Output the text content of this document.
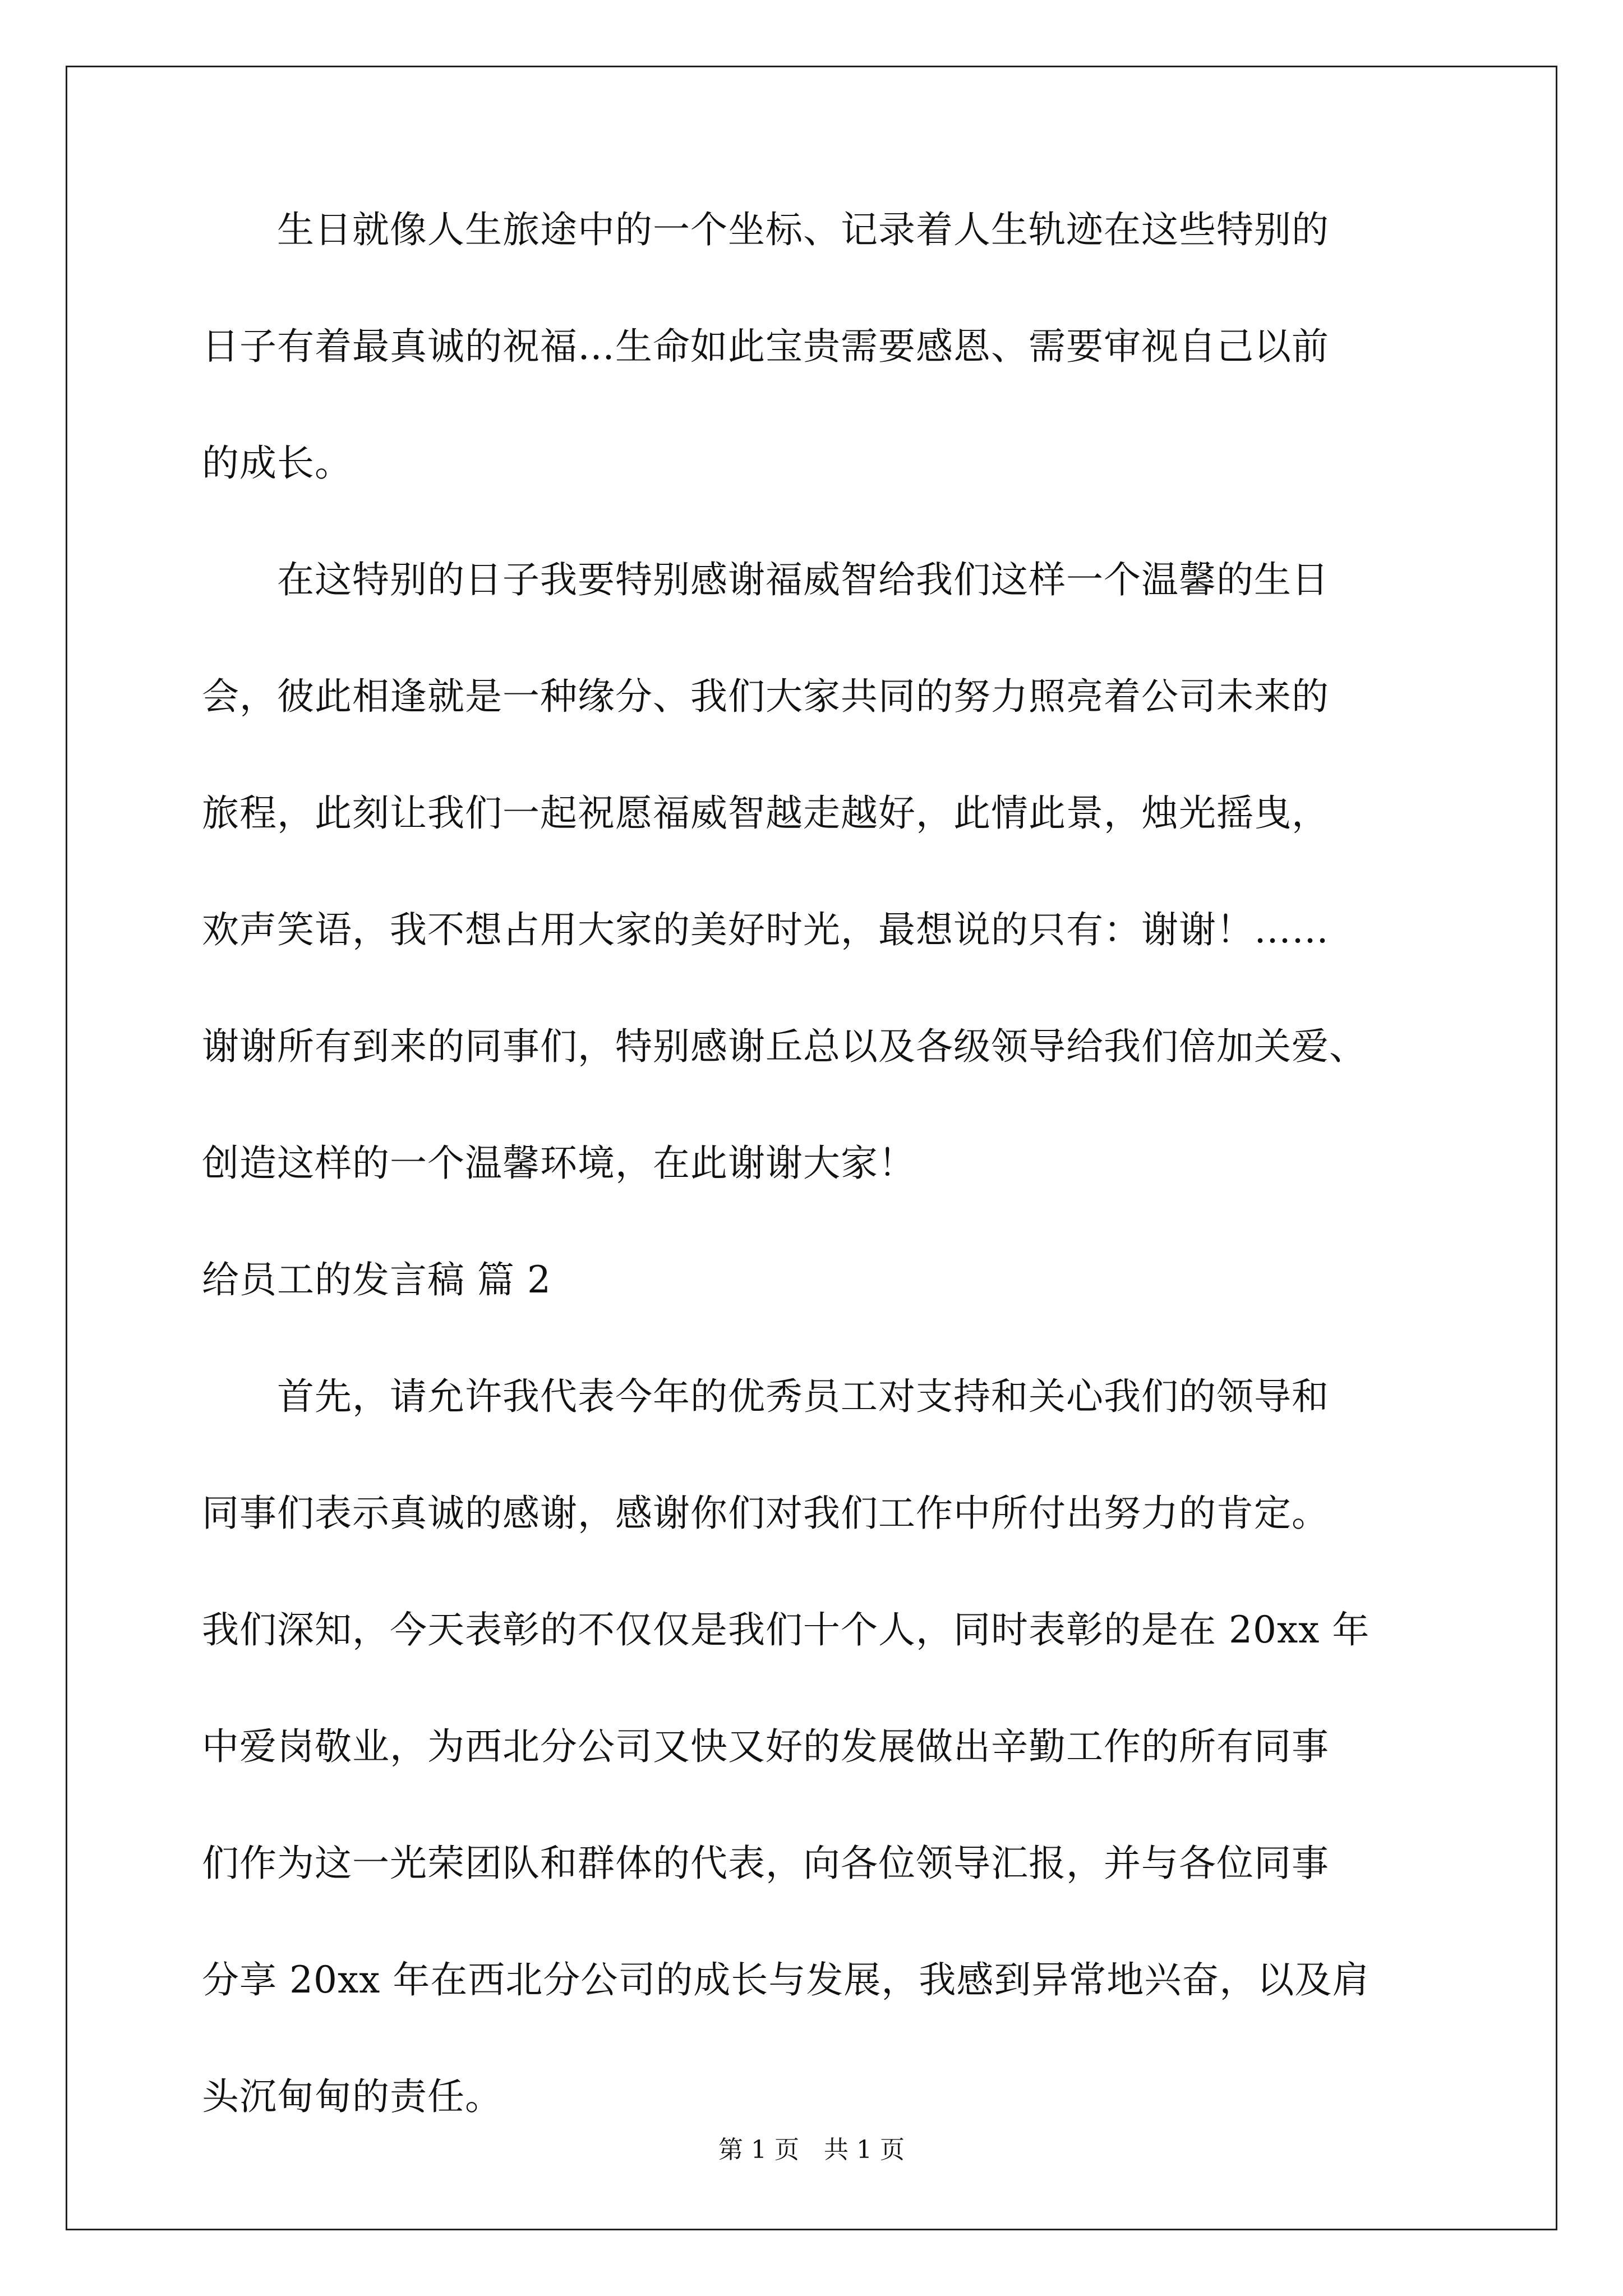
　　生日就像人生旅途中的一个坐标、记录着人生轨迹在这些特别的
日子有着最真诚的祝福…生命如此宝贵需要感恩、需要审视自己以前
的成长。
　　在这特别的日子我要特别感谢福威智给我们这样一个温馨的生日
会，彼此相逢就是一种缘分、我们大家共同的努力照亮着公司未来的
旅程，此刻让我们一起祝愿福威智越走越好，此情此景，烛光摇曳，
欢声笑语，我不想占用大家的美好时光，最想说的只有：谢谢！……
谢谢所有到来的同事们，特别感谢丘总以及各级领导给我们倍加关爱、
创造这样的一个温馨环境，在此谢谢大家！
给员工的发言稿 篇 2
　　首先，请允许我代表今年的优秀员工对支持和关心我们的领导和
同事们表示真诚的感谢，感谢你们对我们工作中所付出努力的肯定。
我们深知，今天表彰的不仅仅是我们十个人，同时表彰的是在 20xx 年
中爱岗敬业，为西北分公司又快又好的发展做出辛勤工作的所有同事
们作为这一光荣团队和群体的代表，向各位领导汇报，并与各位同事
分享 20xx 年在西北分公司的成长与发展，我感到异常地兴奋，以及肩
头沉甸甸的责任。
第 1 页　共 1 页
